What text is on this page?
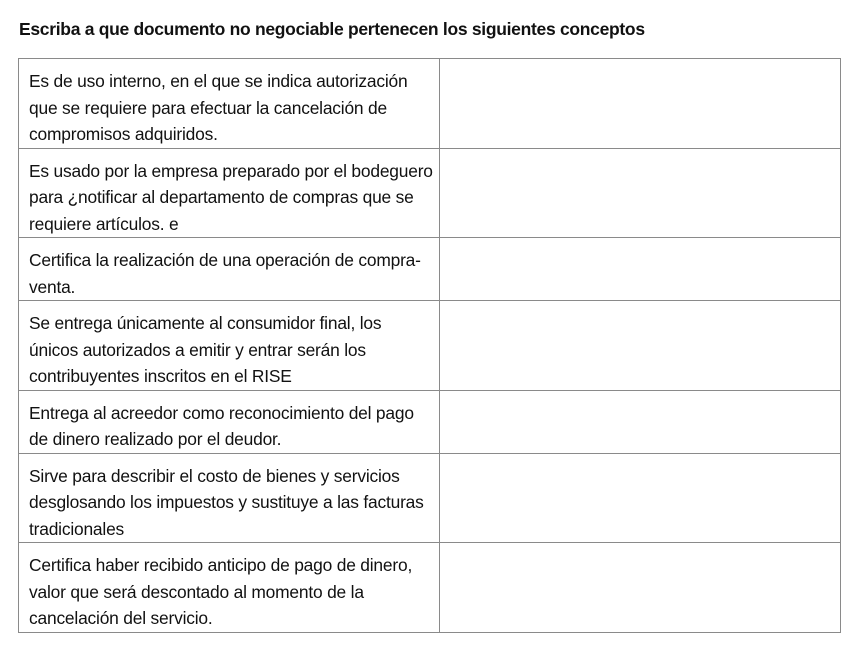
Escriba a que documento no negociable pertenecen los siguientes conceptos
Es de uso interno, en el que se indica autorización que se requiere para efectuar la cancelación de compromisos adquiridos.	

Es usado por la empresa preparado por el bodeguero para ¿notificar al departamento de compras que se requiere artículos. e	

Certifica la realización de una operación de compra- venta.	

Se entrega únicamente al consumidor final, los únicos autorizados a emitir y entrar serán los contribuyentes inscritos en el RISE	

Entrega al acreedor como reconocimiento del pago de dinero realizado por el deudor.	

Sirve para describir el costo de bienes y servicios desglosando los impuestos y sustituye a las facturas tradicionales	

Certifica haber recibido anticipo de pago de dinero, valor que será descontado al momento de la cancelación del servicio.	
